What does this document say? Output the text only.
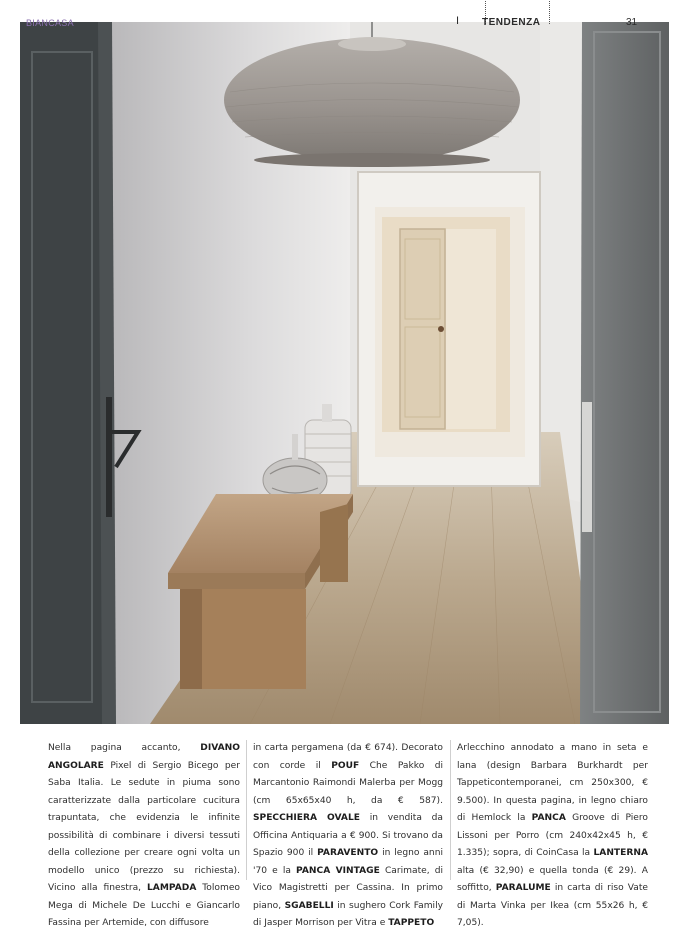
BIANCASA	I TENDENZA	31
Nella pagina accanto, DIVANO ANGOLARE Pixel di Sergio Bicego per Saba Italia. Le sedute in piuma sono caratterizzate dalla particolare cucitura trapuntata, che evidenzia le infinite possibilità di combinare i diversi tessuti della collezione per creare ogni volta un modello unico (prezzo su richiesta). Vicino alla finestra, LAMPADA Tolomeo Mega di Michele De Lucchi e Giancarlo Fassina per Artemide, con diffusore
in carta pergamena (da € 674). Decorato con corde il POUF Che Pakko di Marcantonio Raimondi Malerba per Mogg (cm 65x65x40 h, da € 587). SPECCHIERA OVALE in vendita da Officina Antiquaria a € 900. Si trovano da Spazio 900 il PARAVENTO in legno anni '70 e la PANCA VINTAGE Carimate, di Vico Magistretti per Cassina. In primo piano, SGABELLI in sughero Cork Family di Jasper Morrison per Vitra e TAPPETO
Arlecchino annodato a mano in seta e lana (design Barbara Burkhardt per Tappeticontemporanei, cm 250x300, € 9.500). In questa pagina, in legno chiaro di Hemlock la PANCA Groove di Piero Lissoni per Porro (cm 240x42x45 h, € 1.335); sopra, di CoinCasa la LANTERNA alta (€ 32,90) e quella tonda (€ 29). A soffitto, PARALUME in carta di riso Vate di Marta Vinka per Ikea (cm 55x26 h, € 7,05).
